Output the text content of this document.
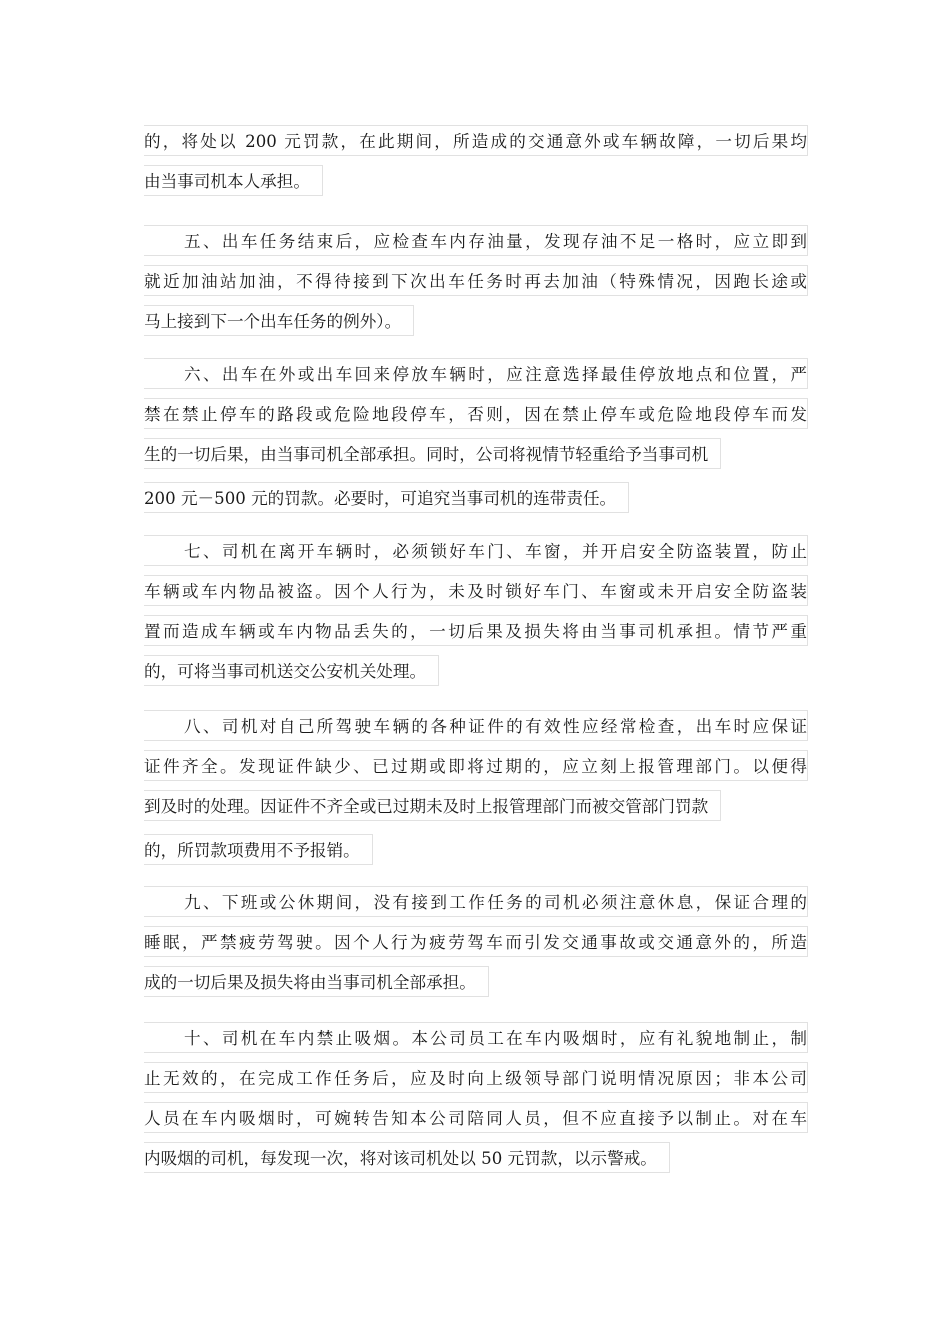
的，将处以 200 元罚款，在此期间，所造成的交通意外或车辆故障，一切后果均
由当事司机本人承担。
五、出车任务结束后，应检查车内存油量，发现存油不足一格时，应立即到
就近加油站加油，不得待接到下次出车任务时再去加油（特殊情况，因跑长途或
马上接到下一个出车任务的例外）。
六、出车在外或出车回来停放车辆时，应注意选择最佳停放地点和位置，严
禁在禁止停车的路段或危险地段停车，否则，因在禁止停车或危险地段停车而发
生的一切后果，由当事司机全部承担。同时，公司将视情节轻重给予当事司机 200 元－500 元的罚款。必要时，可追究当事司机的连带责任。
七、司机在离开车辆时，必须锁好车门、车窗，并开启安全防盗装置，防止
车辆或车内物品被盗。因个人行为，未及时锁好车门、车窗或未开启安全防盗装
置而造成车辆或车内物品丢失的，一切后果及损失将由当事司机承担。情节严重
的，可将当事司机送交公安机关处理。
八、司机对自己所驾驶车辆的各种证件的有效性应经常检查，出车时应保证
证件齐全。发现证件缺少、已过期或即将过期的，应立刻上报管理部门。以便得
到及时的处理。因证件不齐全或已过期未及时上报管理部门而被交管部门罚款 的，所罚款项费用不予报销。
九、下班或公休期间，没有接到工作任务的司机必须注意休息，保证合理的
睡眠，严禁疲劳驾驶。因个人行为疲劳驾车而引发交通事故或交通意外的，所造
成的一切后果及损失将由当事司机全部承担。
十、司机在车内禁止吸烟。本公司员工在车内吸烟时，应有礼貌地制止，制
止无效的，在完成工作任务后，应及时向上级领导部门说明情况原因；非本公司
人员在车内吸烟时，可婉转告知本公司陪同人员，但不应直接予以制止。对在车
内吸烟的司机，每发现一次，将对该司机处以 50 元罚款，以示警戒。
